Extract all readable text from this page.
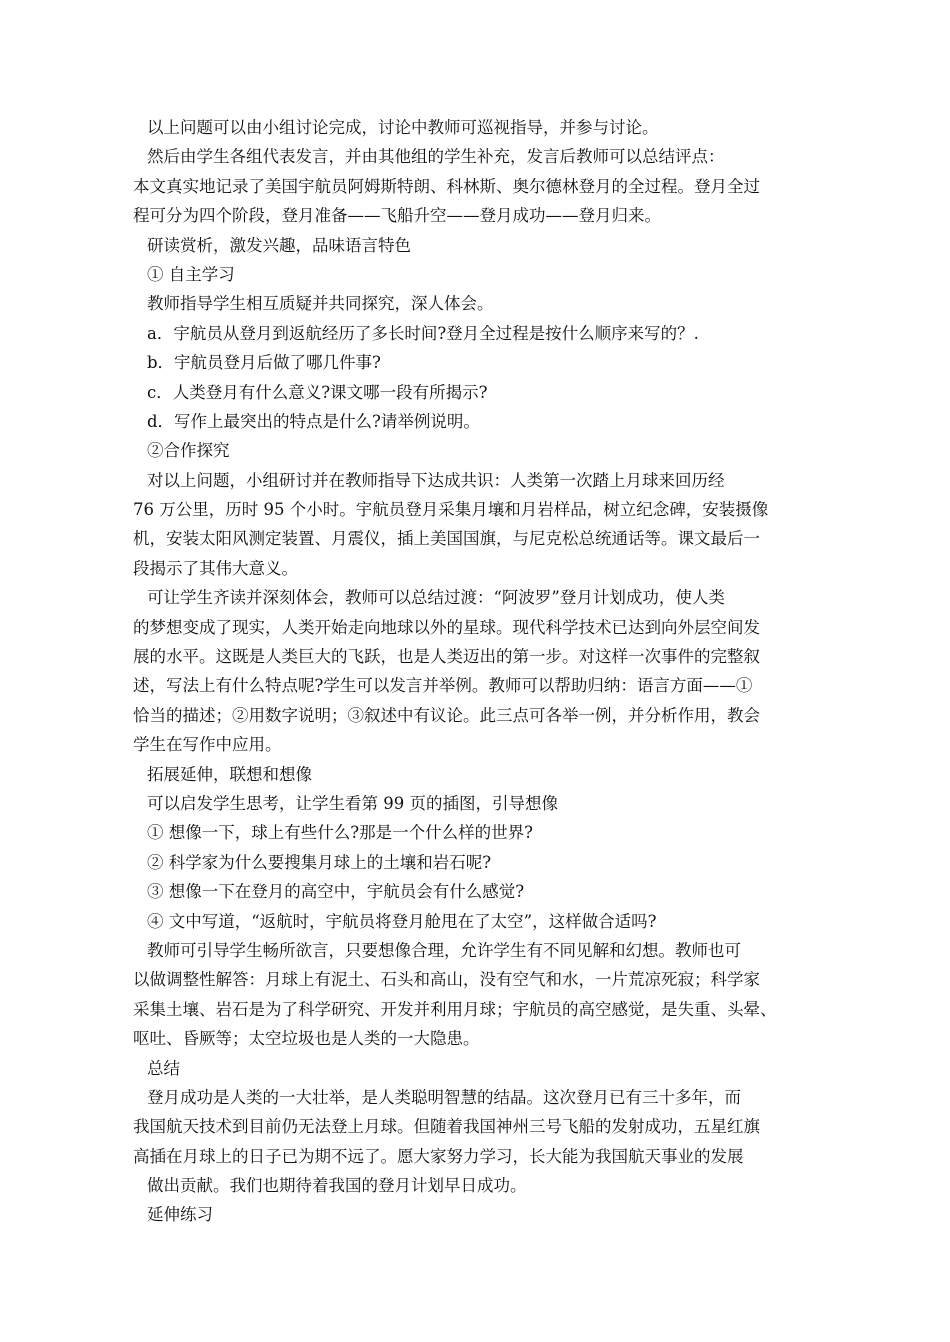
以上问题可以由小组讨论完成，讨论中教师可巡视指导，并参与讨论。
然后由学生各组代表发言，并由其他组的学生补充，发言后教师可以总结评点：
本文真实地记录了美国宇航员阿姆斯特朗、科林斯、奥尔德林登月的全过程。登月全过
程可分为四个阶段，登月准备——飞船升空——登月成功——登月归来。
研读赏析，激发兴趣，品味语言特色
① 自主学习
教师指导学生相互质疑并共同探究，深人体会。
a．宇航员从登月到返航经历了多长时间?登月全过程是按什么顺序来写的？.
b．宇航员登月后做了哪几件事?
c．人类登月有什么意义?课文哪一段有所揭示?
d．写作上最突出的特点是什么?请举例说明。
②合作探究
对以上问题，小组研讨并在教师指导下达成共识：人类第一次踏上月球来回历经
76 万公里，历时 95 个小时。宇航员登月采集月壤和月岩样品，树立纪念碑，安装摄像
机，安装太阳风测定装置、月震仪，插上美国国旗，与尼克松总统通话等。课文最后一
段揭示了其伟大意义。
可让学生齐读并深刻体会，教师可以总结过渡：“阿波罗”登月计划成功，使人类
的梦想变成了现实，人类开始走向地球以外的星球。现代科学技术已达到向外层空间发
展的水平。这既是人类巨大的飞跃，也是人类迈出的第一步。对这样一次事件的完整叙
述，写法上有什么特点呢?学生可以发言并举例。教师可以帮助归纳：语言方面——①
恰当的描述；②用数字说明；③叙述中有议论。此三点可各举一例，并分析作用，教会
学生在写作中应用。
拓展延伸，联想和想像
可以启发学生思考，让学生看第 99 页的插图，引导想像
① 想像一下，球上有些什么?那是一个什么样的世界?
② 科学家为什么要搜集月球上的土壤和岩石呢?
③ 想像一下在登月的高空中，宇航员会有什么感觉?
④ 文中写道，“返航时，宇航员将登月舱甩在了太空”，这样做合适吗?
教师可引导学生畅所欲言，只要想像合理，允许学生有不同见解和幻想。教师也可
以做调整性解答：月球上有泥土、石头和高山，没有空气和水，一片荒凉死寂；科学家
采集土壤、岩石是为了科学研究、开发并利用月球；宇航员的高空感觉，是失重、头晕、
呕吐、昏厥等；太空垃圾也是人类的一大隐患。
总结
登月成功是人类的一大壮举，是人类聪明智慧的结晶。这次登月已有三十多年，而
我国航天技术到目前仍无法登上月球。但随着我国神州三号飞船的发射成功，五星红旗
高插在月球上的日子已为期不远了。愿大家努力学习，长大能为我国航天事业的发展
做出贡献。我们也期待着我国的登月计划早日成功。
延伸练习
